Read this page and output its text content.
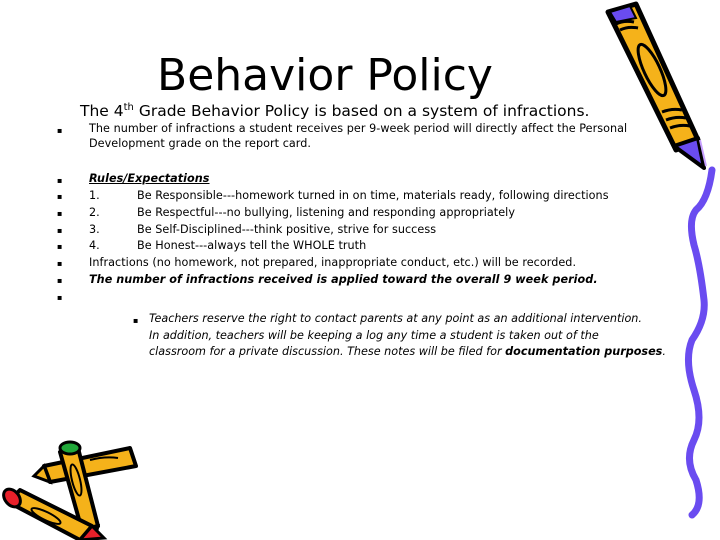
Behavior Policy
The 4th Grade Behavior Policy is based on a system of infractions.
▪ The number of infractions a student receives per 9-week period will directly affect the Personal
Development grade on the report card.
▪ Rules/Expectations
▪ 1.	Be Responsible---homework turned in on time, materials ready, following directions
▪ 2.	Be Respectful---no bullying, listening and responding appropriately
▪ 3.	Be Self-Disciplined---think positive, strive for success
▪ 4.	Be Honest---always tell the WHOLE truth
▪ Infractions (no homework, not prepared, inappropriate conduct, etc.) will be recorded.
▪ The number of infractions received is applied toward the overall 9 week period.
▪
▪ Teachers reserve the right to contact parents at any point as an additional intervention.
In addition, teachers will be keeping a log any time a student is taken out of the
classroom for a private discussion. These notes will be filed for documentation purposes.
